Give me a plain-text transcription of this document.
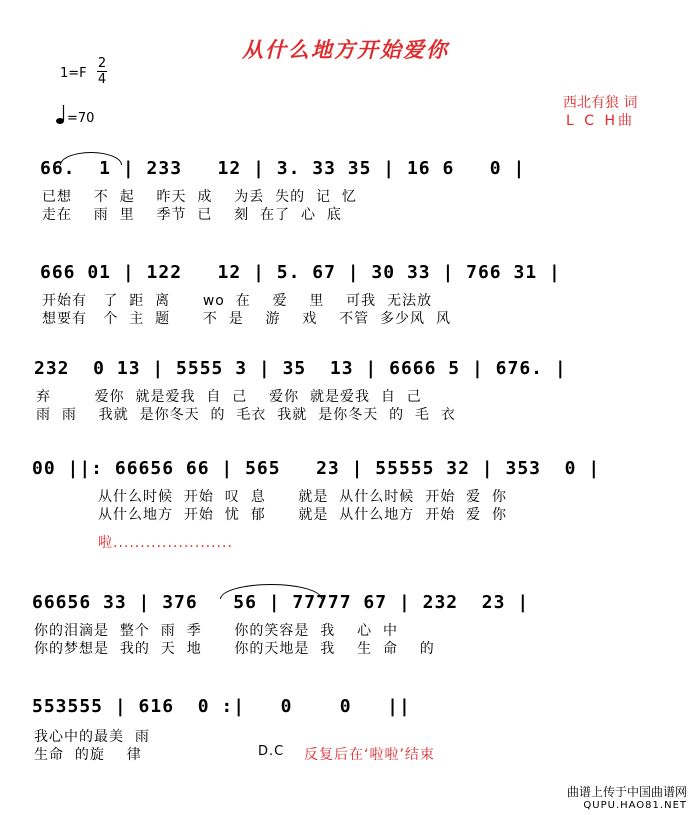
从什么地方开始爱你
1=F
2
4
=70
西北有狼 词
L C H曲
66.  1 | 233   12 | 3. 33 35 | 16 6   0 |
已想    不  起    昨天  成    为丢  失的  记  忆
走在    雨  里    季节  已    刻  在了  心  底
666 01 | 122   12 | 5. 67 | 30 33 | 766 31 |
开始有   了  距  离      wo  在    爱    里    可我  无法放
想要有   个  主  题      不  是    游    戏    不管  多少风  风
232  0 13 | 5555 3 | 35  13 | 6666 5 | 676. |
弃        爱你  就是爱我  自  己    爱你  就是爱我  自  己
雨  雨    我就  是你冬天  的  毛衣  我就  是你冬天  的  毛  衣
00 ||: 66656 66 | 565   23 | 55555 32 | 353  0 |
从什么时候  开始  叹  息      就是  从什么时候  开始  爱  你
从什么地方  开始  忧  郁      就是  从什么地方  开始  爱  你
啦......................
66656 33 | 376   56 | 77777 67 | 232  23 |
你的泪滴是  整个  雨  季      你的笑容是  我    心  中
你的梦想是  我的  天  地      你的天地是  我    生  命    的
553555 | 616  0 :|   0    0   ||
我心中的最美  雨
生命  的旋    律	D.C 反复后在‘啦啦’结束
曲谱上传于中国曲谱网
QUPU.HAO81.NET
